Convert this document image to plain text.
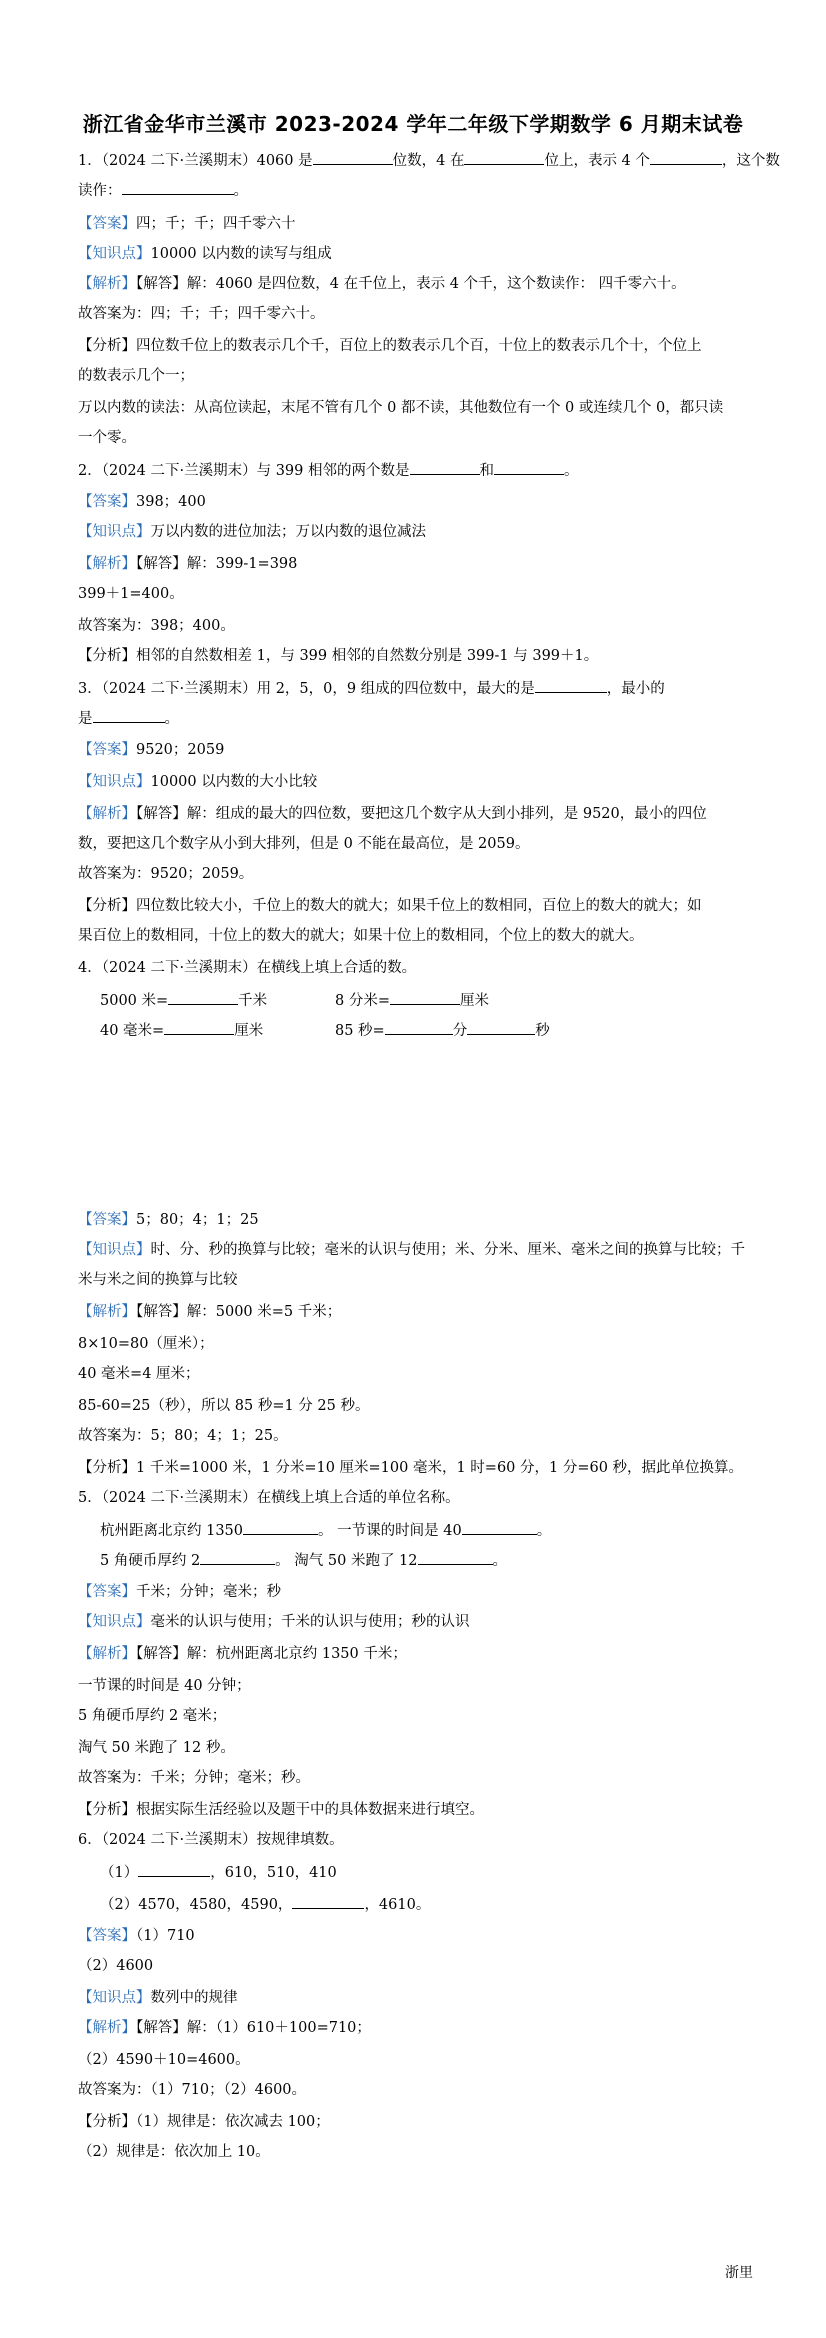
浙江省金华市兰溪市 2023-2024 学年二年级下学期数学 6 月期末试卷
1．（2024 二下·兰溪期末）4060 是	位数，4 在	位上，表示 4 个	，这个数
读作：	。
【答案】四；千；千；四千零六十
【知识点】10000 以内数的读写与组成
【解析】【解答】解：4060 是四位数，4 在千位上，表示 4 个千，这个数读作： 四千零六十。
故答案为：四；千；千；四千零六十。
【分析】四位数千位上的数表示几个千，百位上的数表示几个百，十位上的数表示几个十，个位上
的数表示几个一；
万以内数的读法：从高位读起，末尾不管有几个 0 都不读，其他数位有一个 0 或连续几个 0，都只读
一个零。
2．（2024 二下·兰溪期末）与 399 相邻的两个数是	和	。
【答案】398；400
【知识点】万以内数的进位加法；万以内数的退位减法
【解析】【解答】解：399-1=398
399＋1=400。
故答案为：398；400。
【分析】相邻的自然数相差 1，与 399 相邻的自然数分别是 399-1 与 399＋1。
3．（2024 二下·兰溪期末）用 2，5，0，9 组成的四位数中，最大的是	，最小的
是	。
【答案】9520；2059
【知识点】10000 以内数的大小比较
【解析】【解答】解：组成的最大的四位数，要把这几个数字从大到小排列，是 9520，最小的四位
数，要把这几个数字从小到大排列，但是 0 不能在最高位，是 2059。
故答案为：9520；2059。
【分析】四位数比较大小，千位上的数大的就大；如果千位上的数相同，百位上的数大的就大；如
果百位上的数相同，十位上的数大的就大；如果十位上的数相同，个位上的数大的就大。
4．（2024 二下·兰溪期末）在横线上填上合适的数。
5000 米=	千米	8 分米=	厘米
40 毫米=	厘米	85 秒=	分	秒
【答案】5；80；4；1；25
【知识点】时、分、秒的换算与比较；毫米的认识与使用；米、分米、厘米、毫米之间的换算与比较；千
米与米之间的换算与比较
【解析】【解答】解：5000 米=5 千米；
8×10=80（厘米）；
40 毫米=4 厘米；
85-60=25（秒），所以 85 秒=1 分 25 秒。
故答案为：5；80；4；1；25。
【分析】1 千米=1000 米，1 分米=10 厘米=100 毫米，1 时=60 分，1 分=60 秒，据此单位换算。
5．（2024 二下·兰溪期末）在横线上填上合适的单位名称。
杭州距离北京约 1350	。 一节课的时间是 40	。
5 角硬币厚约 2	。 淘气 50 米跑了 12	。
【答案】千米；分钟；毫米；秒
【知识点】毫米的认识与使用；千米的认识与使用；秒的认识
【解析】【解答】解：杭州距离北京约 1350 千米；
一节课的时间是 40 分钟；
5 角硬币厚约 2 毫米；
淘气 50 米跑了 12 秒。
故答案为：千米；分钟；毫米；秒。
【分析】根据实际生活经验以及题干中的具体数据来进行填空。
6．（2024 二下·兰溪期末）按规律填数。
（1）	，610，510，410
（2）4570，4580，4590，	，4610。
【答案】（1）710
（2）4600
【知识点】数列中的规律
【解析】【解答】解：（1）610＋100=710；
（2）4590＋10=4600。
故答案为：（1）710；（2）4600。
【分析】（1）规律是：依次减去 100；
（2）规律是：依次加上 10。
浙里
